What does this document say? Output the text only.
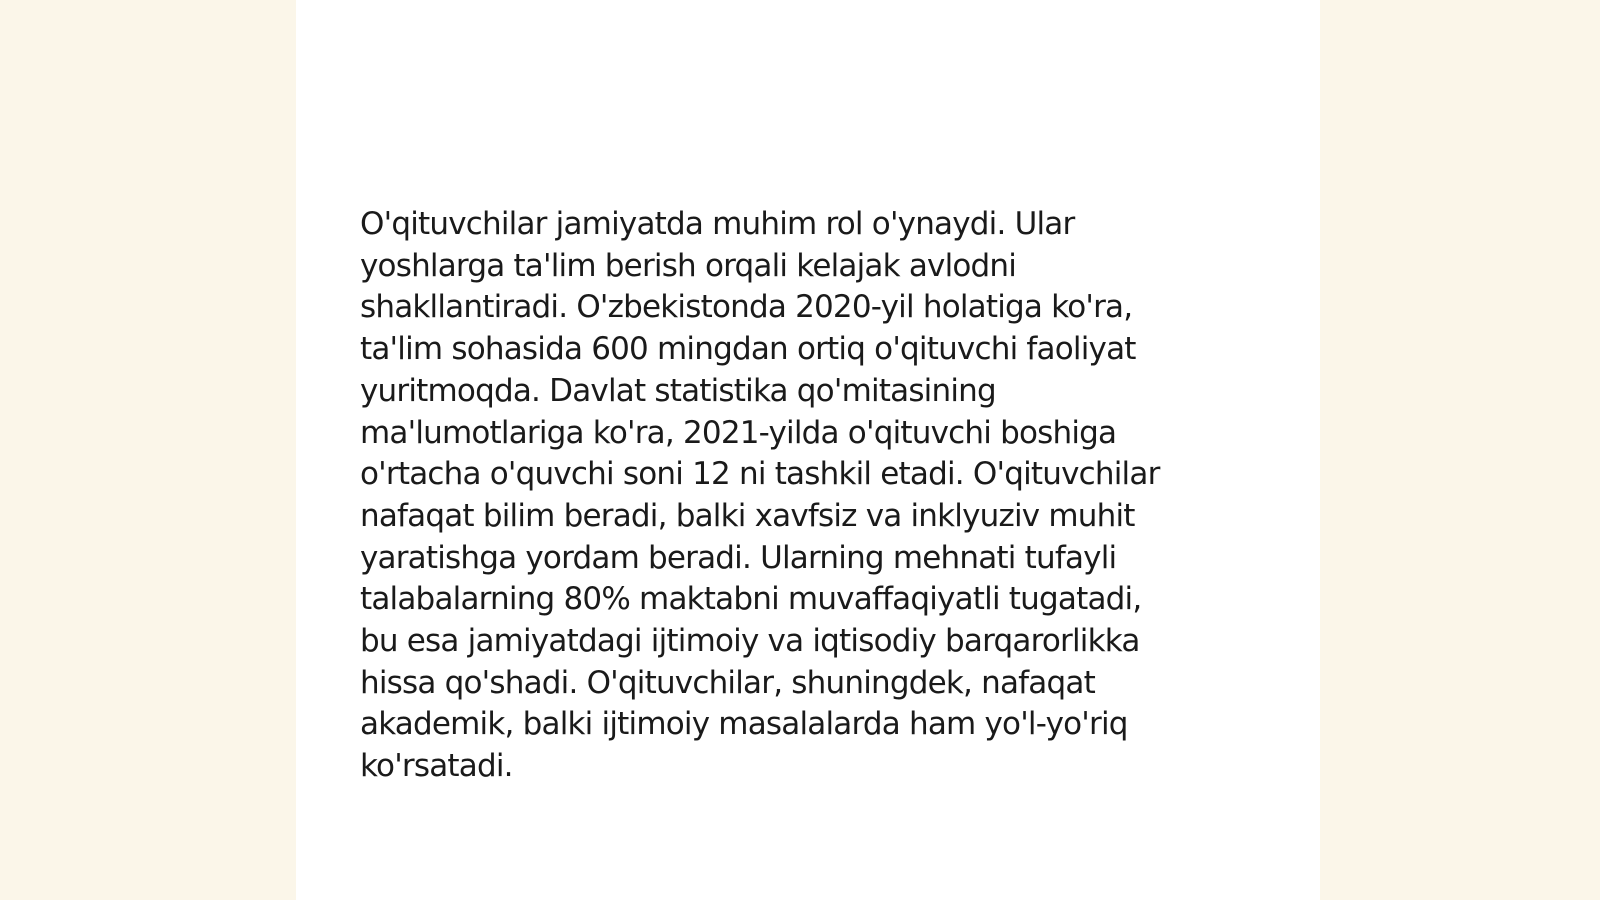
O'qituvchilar jamiyatda muhim rol o'ynaydi. Ular
yoshlarga ta'lim berish orqali kelajak avlodni
shakllantiradi. O'zbekistonda 2020-yil holatiga ko'ra,
ta'lim sohasida 600 mingdan ortiq o'qituvchi faoliyat
yuritmoqda. Davlat statistika qo'mitasining
ma'lumotlariga ko'ra, 2021-yilda o'qituvchi boshiga
o'rtacha o'quvchi soni 12 ni tashkil etadi. O'qituvchilar
nafaqat bilim beradi, balki xavfsiz va inklyuziv muhit
yaratishga yordam beradi. Ularning mehnati tufayli
talabalarning 80% maktabni muvaffaqiyatli tugatadi,
bu esa jamiyatdagi ijtimoiy va iqtisodiy barqarorlikka
hissa qo'shadi. O'qituvchilar, shuningdek, nafaqat
akademik, balki ijtimoiy masalalarda ham yo'l-yo'riq
ko'rsatadi.
